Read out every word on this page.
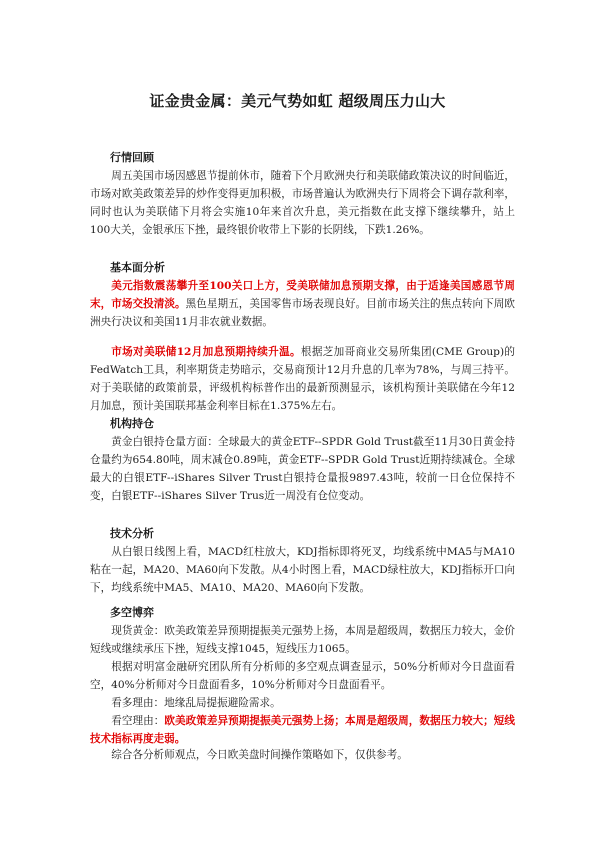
证金贵金属：美元气势如虹 超级周压力山大
行情回顾

周五美国市场因感恩节提前休市，随着下个月欧洲央行和美联储政策决议的时间临近，市场对欧美政策差异的炒作变得更加积极，市场普遍认为欧洲央行下周将会下调存款利率，同时也认为美联储下月将会实施10年来首次升息，美元指数在此支撑下继续攀升，站上100大关，金银承压下挫，最终银价收带上下影的长阴线，下跌1.26%。

基本面分析

美元指数震荡攀升至100关口上方，受美联储加息预期支撑，由于适逢美国感恩节周末，市场交投清淡。黑色星期五，美国零售市场表现良好。目前市场关注的焦点转向下周欧洲央行决议和美国11月非农就业数据。

市场对美联储12月加息预期持续升温。根据芝加哥商业交易所集团(CME Group)的FedWatch工具，利率期货走势暗示，交易商预计12月升息的几率为78%，与周三持平。对于美联储的政策前景，评级机构标普作出的最新预测显示，该机构预计美联储在今年12月加息，预计美国联邦基金利率目标在1.375%左右。

机构持仓

黄金白银持仓量方面：全球最大的黄金ETF--SPDR Gold Trust截至11月30日黄金持仓量约为654.80吨，周末减仓0.89吨，黄金ETF--SPDR Gold Trust近期持续减仓。全球最大的白银ETF--iShares Silver Trust白银持仓量报9897.43吨，较前一日仓位保持不变，白银ETF--iShares Silver Trus近一周没有仓位变动。

技术分析

从白银日线图上看，MACD红柱放大，KDJ指标即将死叉，均线系统中MA5与MA10粘在一起，MA20、MA60向下发散。从4小时图上看，MACD绿柱放大，KDJ指标开口向下，均线系统中MA5、MA10、MA20、MA60向下发散。

多空博弈

现货黄金：欧美政策差异预期提振美元强势上扬，本周是超级周，数据压力较大，金价短线或继续承压下挫，短线支撑1045，短线压力1065。

根据对明富金融研究团队所有分析师的多空观点调查显示，50%分析师对今日盘面看空，40%分析师对今日盘面看多，10%分析师对今日盘面看平。

看多理由：地缘乱局提振避险需求。

看空理由：欧美政策差异预期提振美元强势上扬；本周是超级周，数据压力较大；短线技术指标再度走弱。

综合各分析师观点，今日欧美盘时间操作策略如下，仅供参考。
